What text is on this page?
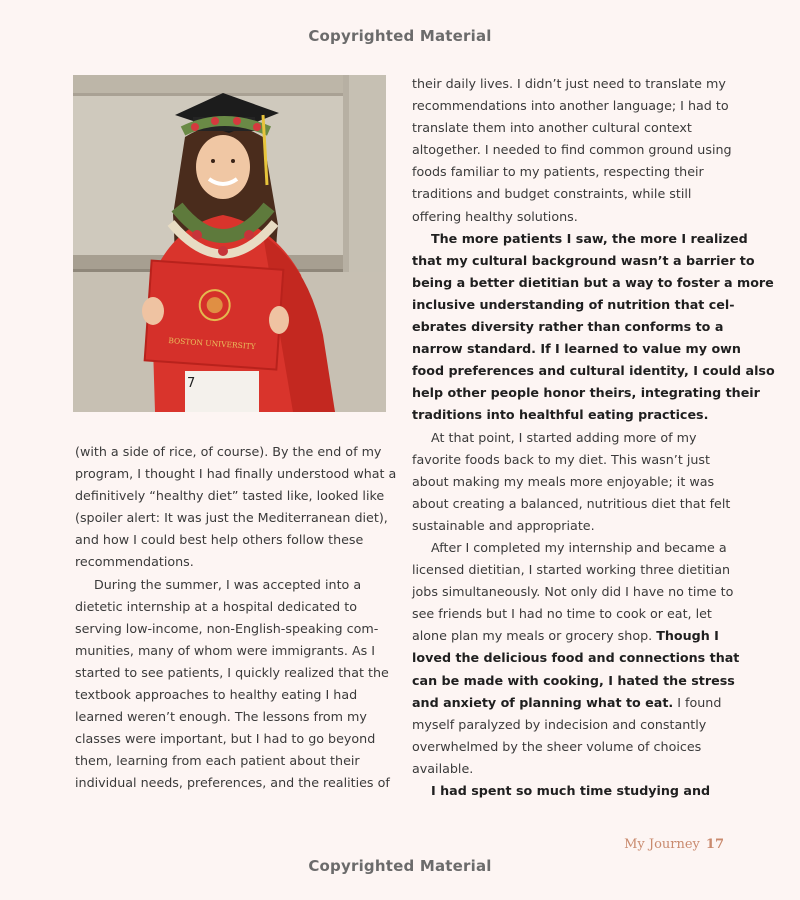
Copyrighted Material
7
BOSTON UNIVERSITY

(with a side of rice, of course). By the end of my

program, I thought I had finally understood what a

definitively “healthy diet” tasted like, looked like

(spoiler alert: It was just the Mediterranean diet),

and how I could best help others follow these

recommendations.

During the summer, I was accepted into a

dietetic internship at a hospital dedicated to

serving low-income, non-English-speaking com-

munities, many of whom were immigrants. As I

started to see patients, I quickly realized that the

textbook approaches to healthy eating I had

learned weren’t enough. The lessons from my

classes were important, but I had to go beyond

them, learning from each patient about their

individual needs, preferences, and the realities of

their daily lives. I didn’t just need to translate my

recommendations into another language; I had to

translate them into another cultural context

altogether. I needed to find common ground using

foods familiar to my patients, respecting their

traditions and budget constraints, while still

offering healthy solutions.

The more patients I saw, the more I realized

that my cultural background wasn’t a barrier to

being a better dietitian but a way to foster a more

inclusive understanding of nutrition that cel-

ebrates diversity rather than conforms to a

narrow standard. If I learned to value my own

food preferences and cultural identity, I could also

help other people honor theirs, integrating their

traditions into healthful eating practices.

At that point, I started adding more of my

favorite foods back to my diet. This wasn’t just

about making my meals more enjoyable; it was

about creating a balanced, nutritious diet that felt

sustainable and appropriate.

After I completed my internship and became a

licensed dietitian, I started working three dietitian

jobs simultaneously. Not only did I have no time to

see friends but I had no time to cook or eat, let

alone plan my meals or grocery shop. Though I

loved the delicious food and connections that

can be made with cooking, I hated the stress

and anxiety of planning what to eat. I found

myself paralyzed by indecision and constantly

overwhelmed by the sheer volume of choices

available.

I had spent so much time studying and

My Journey 17
Copyrighted Material
